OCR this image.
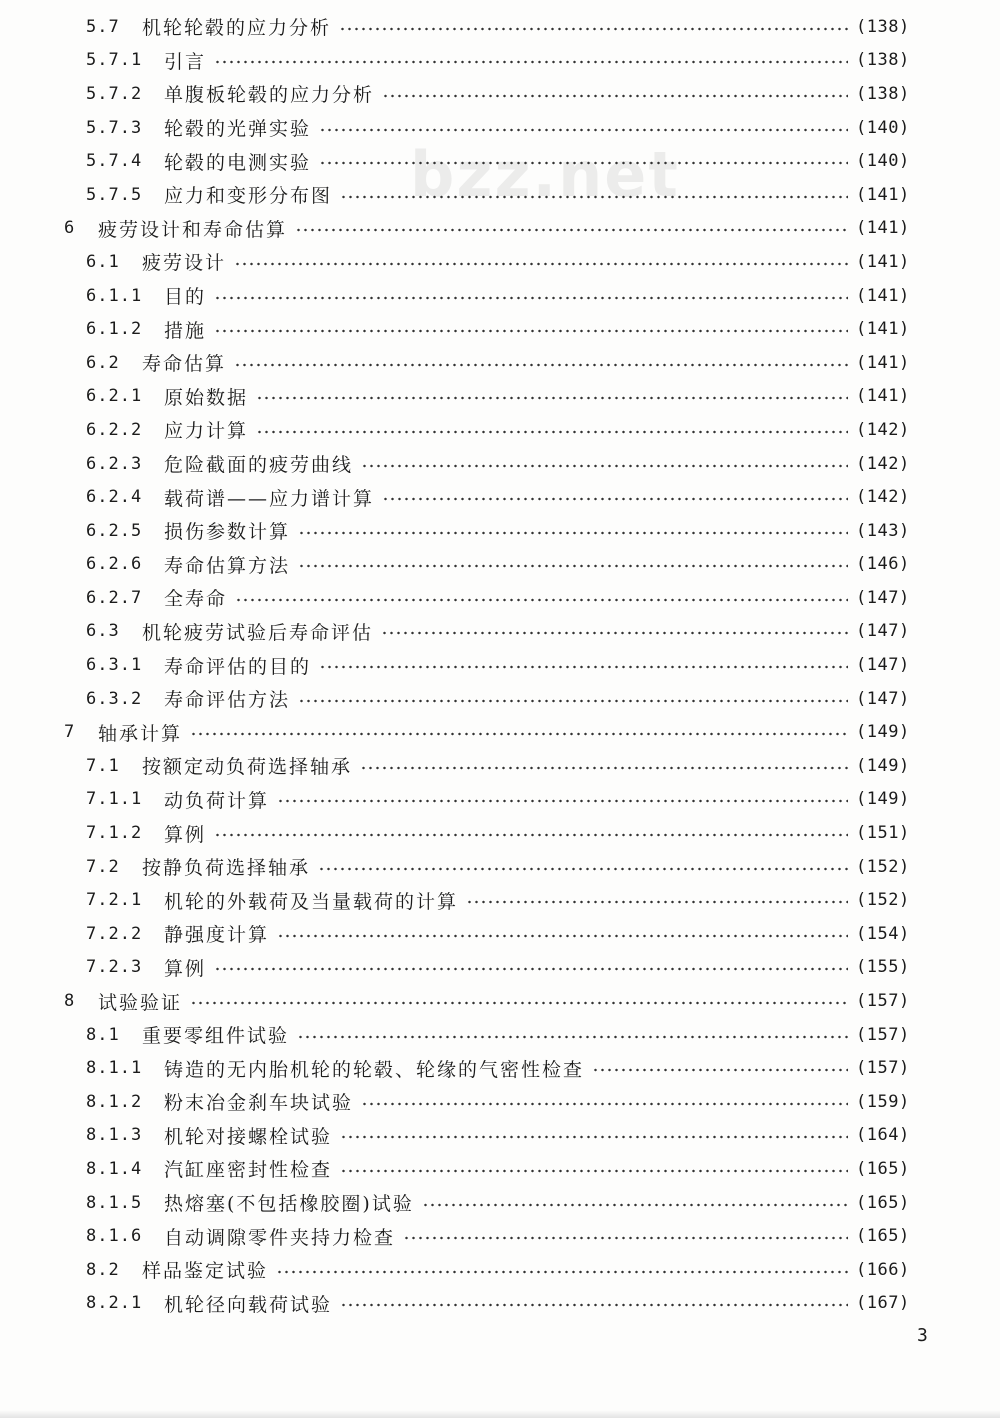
bzz.net
5.7	机轮轮毂的应力分析	(138)
5.7.1	引言	(138)
5.7.2	单腹板轮毂的应力分析	(138)
5.7.3	轮毂的光弹实验	(140)
5.7.4	轮毂的电测实验	(140)
5.7.5	应力和变形分布图	(141)
6	疲劳设计和寿命估算	(141)
6.1	疲劳设计	(141)
6.1.1	目的	(141)
6.1.2	措施	(141)
6.2	寿命估算	(141)
6.2.1	原始数据	(141)
6.2.2	应力计算	(142)
6.2.3	危险截面的疲劳曲线	(142)
6.2.4	载荷谱——应力谱计算	(142)
6.2.5	损伤参数计算	(143)
6.2.6	寿命估算方法	(146)
6.2.7	全寿命	(147)
6.3	机轮疲劳试验后寿命评估	(147)
6.3.1	寿命评估的目的	(147)
6.3.2	寿命评估方法	(147)
7	轴承计算	(149)
7.1	按额定动负荷选择轴承	(149)
7.1.1	动负荷计算	(149)
7.1.2	算例	(151)
7.2	按静负荷选择轴承	(152)
7.2.1	机轮的外载荷及当量载荷的计算	(152)
7.2.2	静强度计算	(154)
7.2.3	算例	(155)
8	试验验证	(157)
8.1	重要零组件试验	(157)
8.1.1	铸造的无内胎机轮的轮毂、轮缘的气密性检查	(157)
8.1.2	粉末冶金刹车块试验	(159)
8.1.3	机轮对接螺栓试验	(164)
8.1.4	汽缸座密封性检查	(165)
8.1.5	热熔塞(不包括橡胶圈)试验	(165)
8.1.6	自动调隙零件夹持力检查	(165)
8.2	样品鉴定试验	(166)
8.2.1	机轮径向载荷试验	(167)
3
